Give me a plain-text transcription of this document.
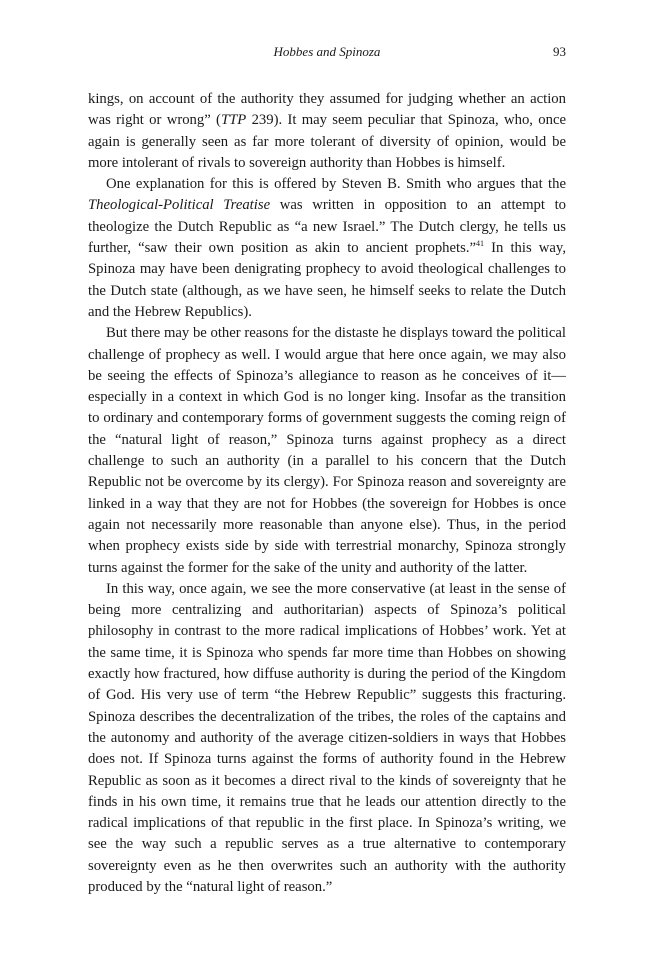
Hobbes and Spinoza	93

kings, on account of the authority they assumed for judging whether an action was right or wrong” (TTP 239). It may seem peculiar that Spinoza, who, once again is generally seen as far more tolerant of diversity of opinion, would be more intolerant of rivals to sovereign authority than Hobbes is himself.

One explanation for this is offered by Steven B. Smith who argues that the Theological-Political Treatise was written in opposition to an attempt to theologize the Dutch Republic as “a new Israel.” The Dutch clergy, he tells us further, “saw their own position as akin to ancient prophets.”$^{41}$ In this way, Spinoza may have been denigrating prophecy to avoid theological challenges to the Dutch state (although, as we have seen, he himself seeks to relate the Dutch and the Hebrew Republics).

But there may be other reasons for the distaste he displays toward the political challenge of prophecy as well. I would argue that here once again, we may also be seeing the effects of Spinoza’s allegiance to reason as he conceives of it—especially in a context in which God is no longer king. Insofar as the transition to ordinary and contemporary forms of government suggests the coming reign of the “natural light of reason,” Spinoza turns against prophecy as a direct challenge to such an authority (in a parallel to his concern that the Dutch Republic not be overcome by its clergy). For Spinoza reason and sovereignty are linked in a way that they are not for Hobbes (the sovereign for Hobbes is once again not necessarily more reasonable than anyone else). Thus, in the period when prophecy exists side by side with terrestrial monarchy, Spinoza strongly turns against the former for the sake of the unity and authority of the latter.

In this way, once again, we see the more conservative (at least in the sense of being more centralizing and authoritarian) aspects of Spinoza’s political philosophy in contrast to the more radical implications of Hobbes’ work. Yet at the same time, it is Spinoza who spends far more time than Hobbes on showing exactly how fractured, how diffuse authority is during the period of the Kingdom of God. His very use of term “the Hebrew Republic” suggests this fracturing. Spinoza describes the decentralization of the tribes, the roles of the captains and the autonomy and authority of the average citizen-soldiers in ways that Hobbes does not. If Spinoza turns against the forms of authority found in the Hebrew Republic as soon as it becomes a direct rival to the kinds of sovereignty that he finds in his own time, it remains true that he leads our attention directly to the radical implications of that republic in the first place. In Spinoza’s writing, we see the way such a republic serves as a true alternative to contemporary sovereignty even as he then overwrites such an authority with the authority produced by the “natural light of reason.”
